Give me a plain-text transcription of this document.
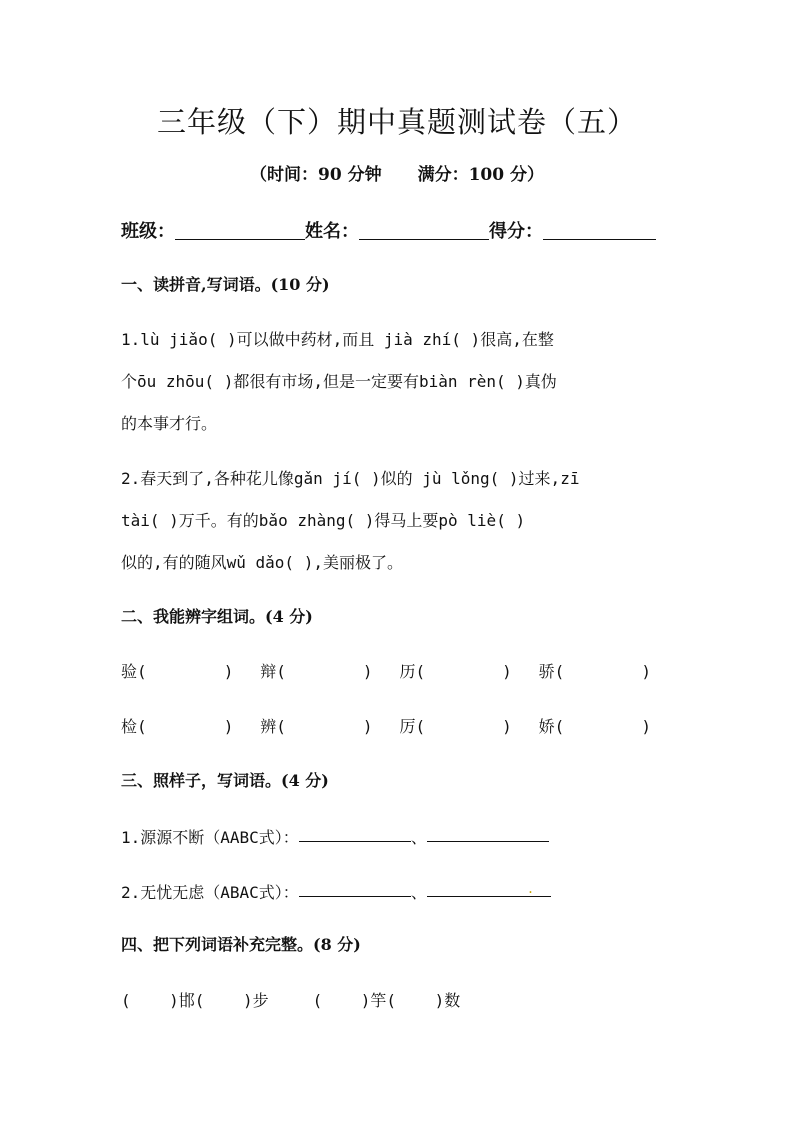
三年级（下）期中真题测试卷（五）
（时间：90 分钟 满分：100 分）
班级：	姓名：	得分：
一、读拼音,写词语。(10 分)
1.lù jiǎo( )可以做中药材,而且 jià zhí( )很高,在整
个ōu zhōu( )都很有市场,但是一定要有biàn rèn( )真伪
的本事才行。
2.春天到了,各种花儿像gǎn jí( )似的 jù lǒng( )过来,zī
tài( )万千。有的bǎo zhàng( )得马上要pò liè( )
似的,有的随风wǔ dǎo( ),美丽极了。
二、我能辨字组词。(4 分)
验(        ) 辩(        ) 历(        ) 骄(        )
检(        ) 辨(        ) 厉(        ) 娇(        )
三、照样子，写词语。(4 分)
1.源源不断（AABC式）：	、
2.无忧无虑（ABAC式）：	、	.
四、把下列词语补充完整。(8 分)
(    )邯(    )步	(    )竽(    )数
